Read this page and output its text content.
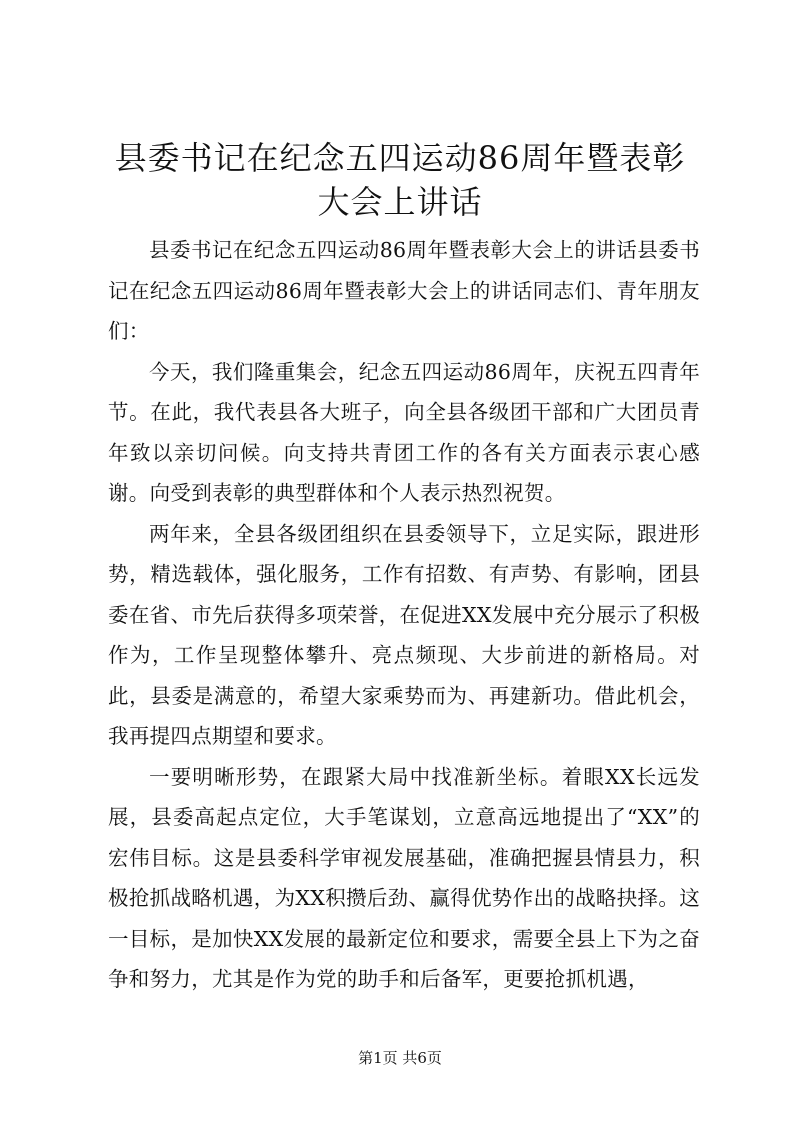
县委书记在纪念五四运动86周年暨表彰大会上讲话

县委书记在纪念五四运动86周年暨表彰大会上的讲话县委书记在纪念五四运动86周年暨表彰大会上的讲话同志们、青年朋友们：

今天，我们隆重集会，纪念五四运动86周年，庆祝五四青年节。在此，我代表县各大班子，向全县各级团干部和广大团员青年致以亲切问候。向支持共青团工作的各有关方面表示衷心感谢。向受到表彰的典型群体和个人表示热烈祝贺。

两年来，全县各级团组织在县委领导下，立足实际，跟进形势，精选载体，强化服务，工作有招数、有声势、有影响，团县委在省、市先后获得多项荣誉，在促进XX发展中充分展示了积极作为，工作呈现整体攀升、亮点频现、大步前进的新格局。对此，县委是满意的，希望大家乘势而为、再建新功。借此机会，我再提四点期望和要求。

一要明晰形势，在跟紧大局中找准新坐标。着眼XX长远发展，县委高起点定位，大手笔谋划，立意高远地提出了“XX”的宏伟目标。这是县委科学审视发展基础，准确把握县情县力，积极抢抓战略机遇，为XX积攒后劲、赢得优势作出的战略抉择。这一目标，是加快XX发展的最新定位和要求，需要全县上下为之奋争和努力，尤其是作为党的助手和后备军，更要抢抓机遇，

第1页 共6页
